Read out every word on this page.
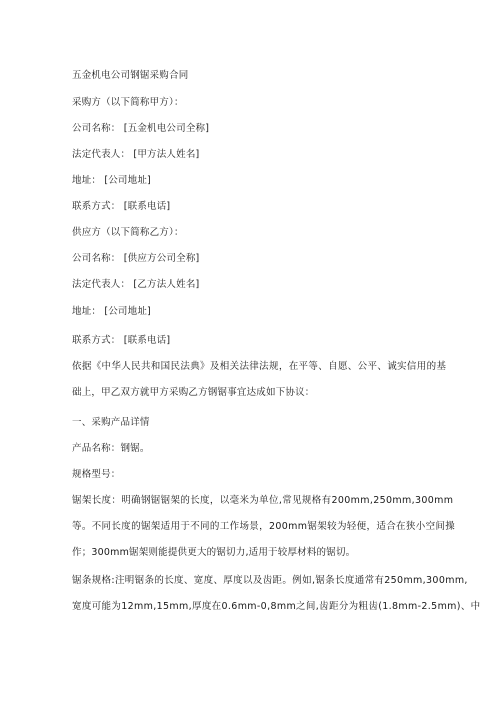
五金机电公司钢锯采购合同
采购方（以下简称甲方）：
公司名称： [五金机电公司全称]
法定代表人： [甲方法人姓名]
地址： [公司地址]
联系方式： [联系电话]
供应方（以下简称乙方）：
公司名称： [供应方公司全称]
法定代表人： [乙方法人姓名]
地址： [公司地址]
联系方式： [联系电话]
依据《中华人民共和国民法典》及相关法律法规，在平等、自愿、公平、诚实信用的基
础上，甲乙双方就甲方采购乙方钢锯事宜达成如下协议：
一、采购产品详情
产品名称：钢锯。
规格型号：
锯架长度：明确钢锯锯架的长度，以毫米为单位,常见规格有200mm,250mm,300mm
等。不同长度的锯架适用于不同的工作场景，200mm锯架较为轻便，适合在狭小空间操
作；300mm锯架则能提供更大的锯切力,适用于较厚材料的锯切。
锯条规格:注明锯条的长度、宽度、厚度以及齿距。例如,锯条长度通常有250mm,300mm,
宽度可能为12mm,15mm,厚度在0.6mm-0,8mm之间,齿距分为粗齿(1.8mm-2.5mm)、中
